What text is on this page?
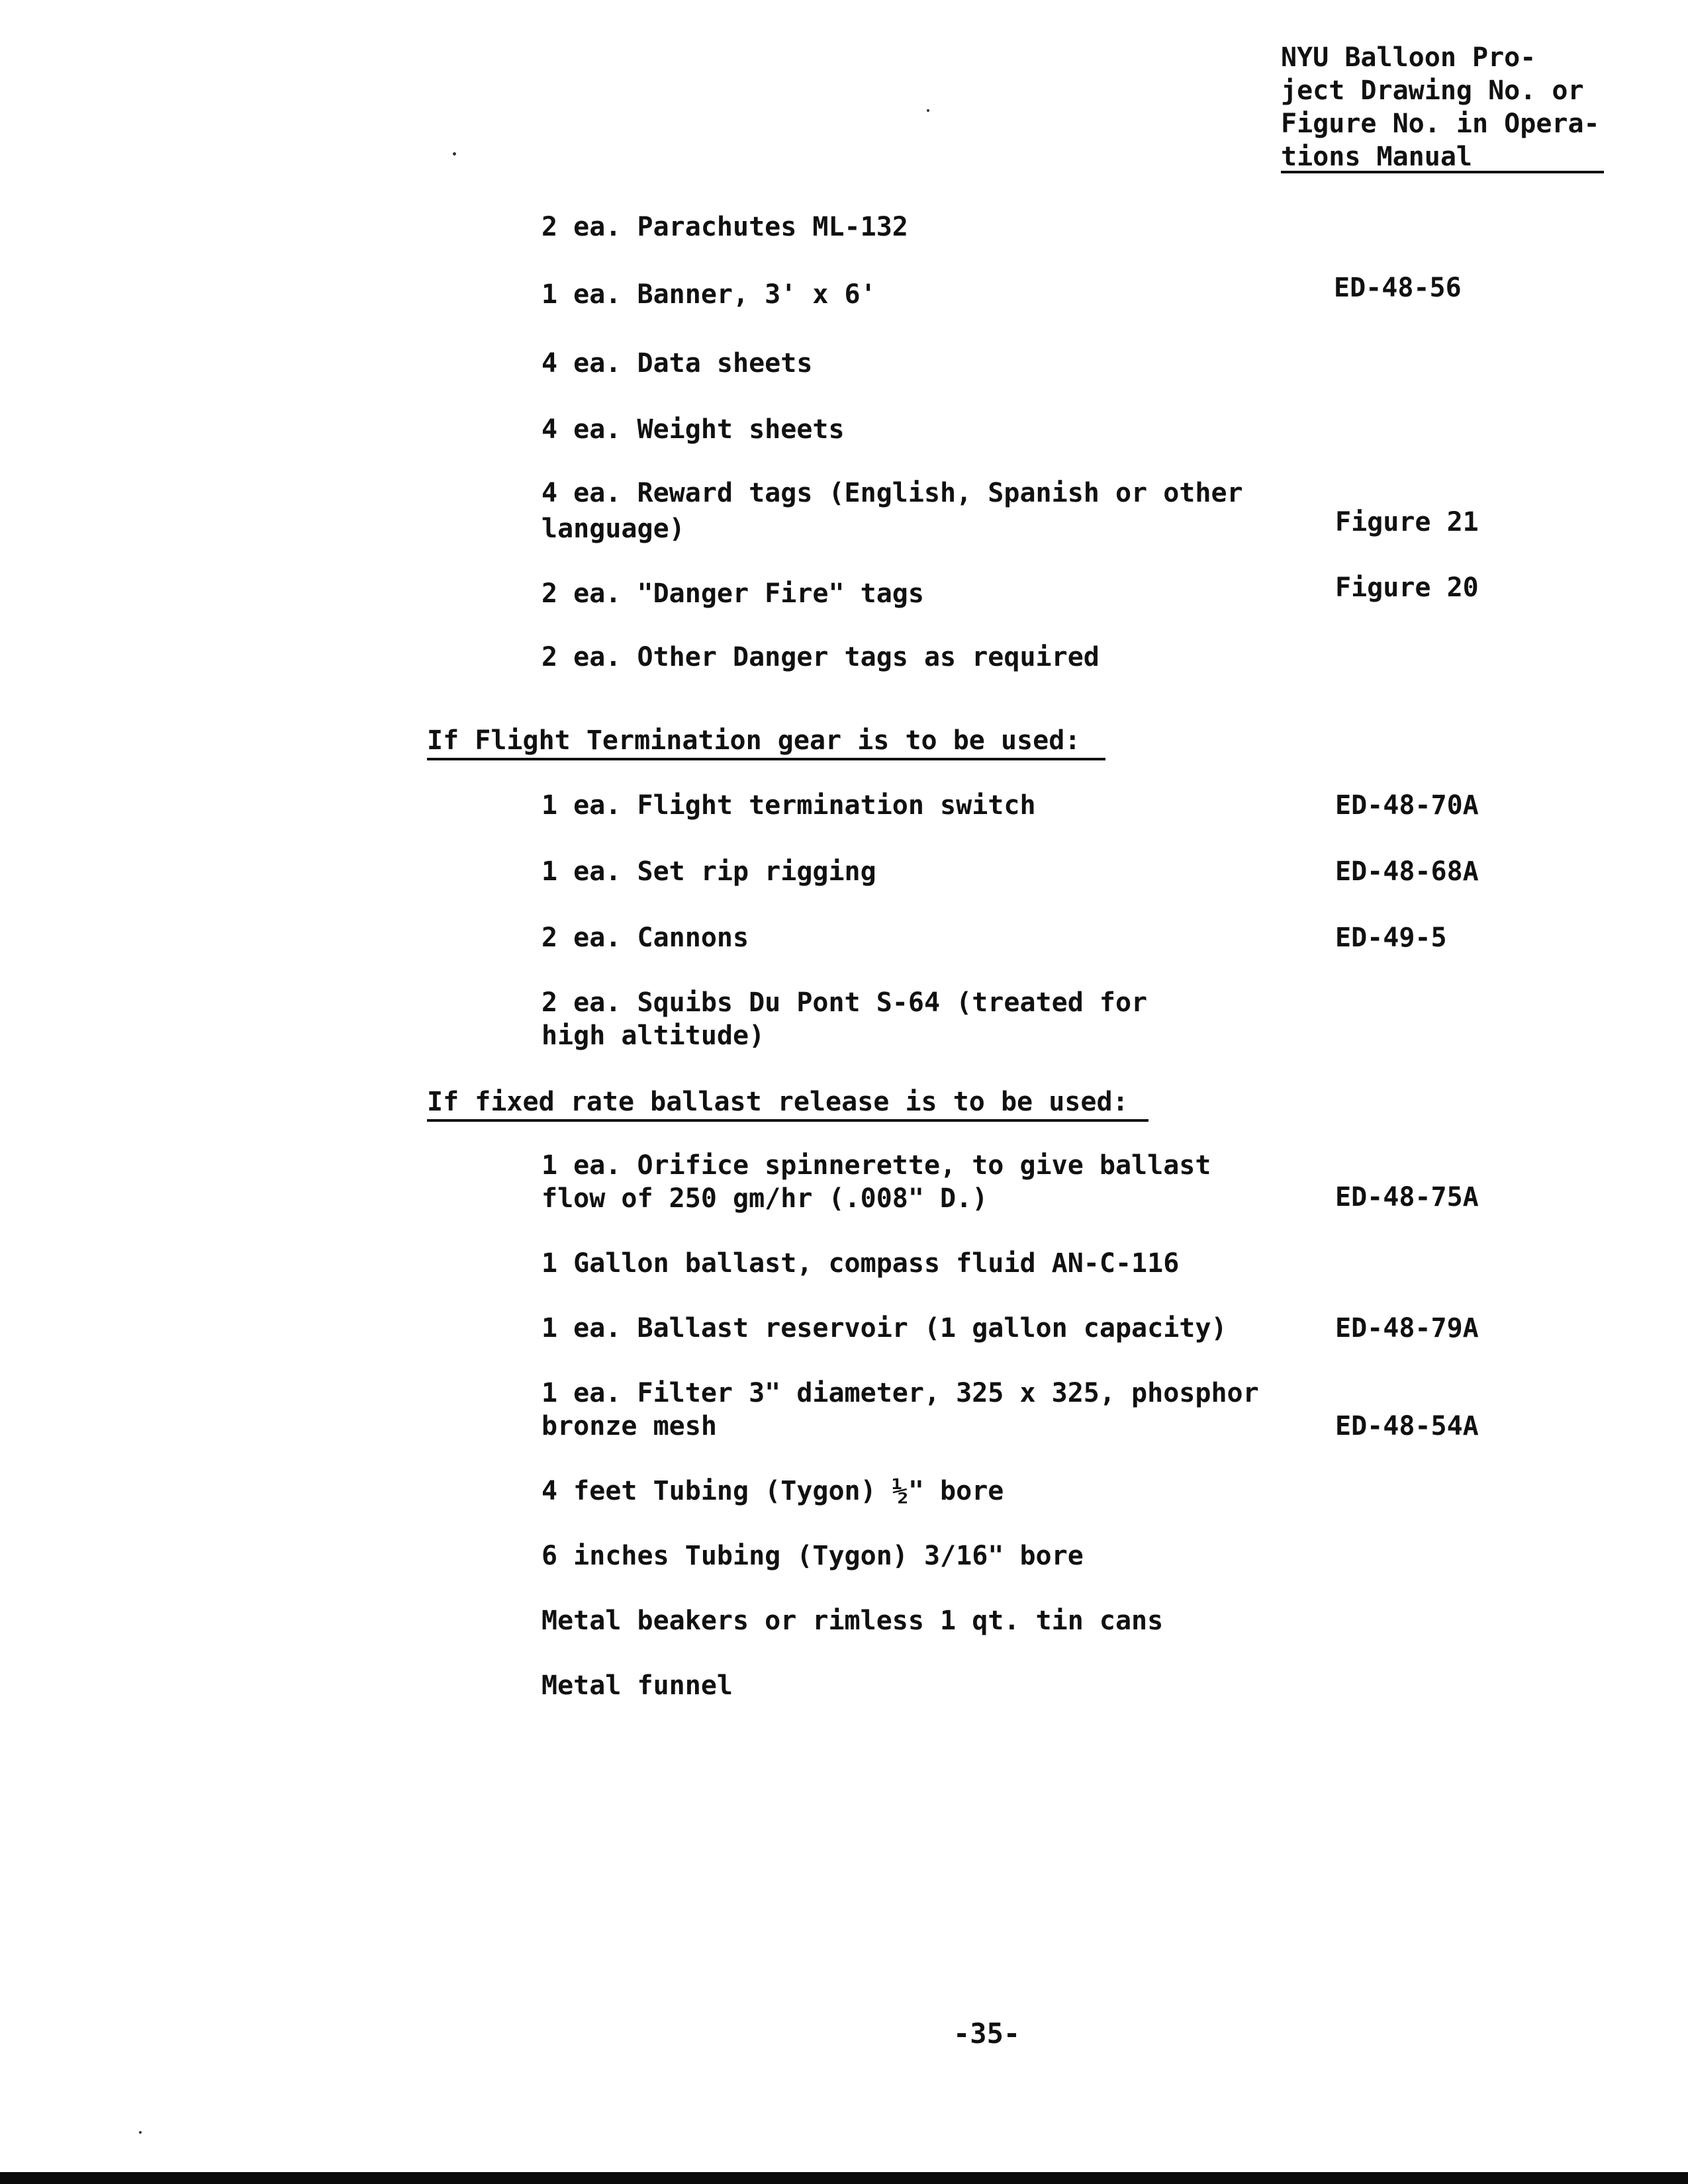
NYU Balloon Pro-
ject Drawing No. or
Figure No. in Opera-
tions Manual
2 ea. Parachutes ML-132
1 ea. Banner, 3' x 6'	ED-48-56
4 ea. Data sheets
4 ea. Weight sheets
4 ea. Reward tags (English, Spanish or other
language)	Figure 21
2 ea. "Danger Fire" tags	Figure 20
2 ea. Other Danger tags as required
If Flight Termination gear is to be used:
1 ea. Flight termination switch	ED-48-70A
1 ea. Set rip rigging	ED-48-68A
2 ea. Cannons	ED-49-5
2 ea. Squibs Du Pont S-64 (treated for
high altitude)
If fixed rate ballast release is to be used:
1 ea. Orifice spinnerette, to give ballast
flow of 250 gm/hr (.008" D.)	ED-48-75A
1 Gallon ballast, compass fluid AN-C-116
1 ea. Ballast reservoir (1 gallon capacity)	ED-48-79A
1 ea. Filter 3" diameter, 325 x 325, phosphor
bronze mesh	ED-48-54A
4 feet Tubing (Tygon) ½" bore
6 inches Tubing (Tygon) 3/16" bore
Metal beakers or rimless 1 qt. tin cans
Metal funnel
-35-
